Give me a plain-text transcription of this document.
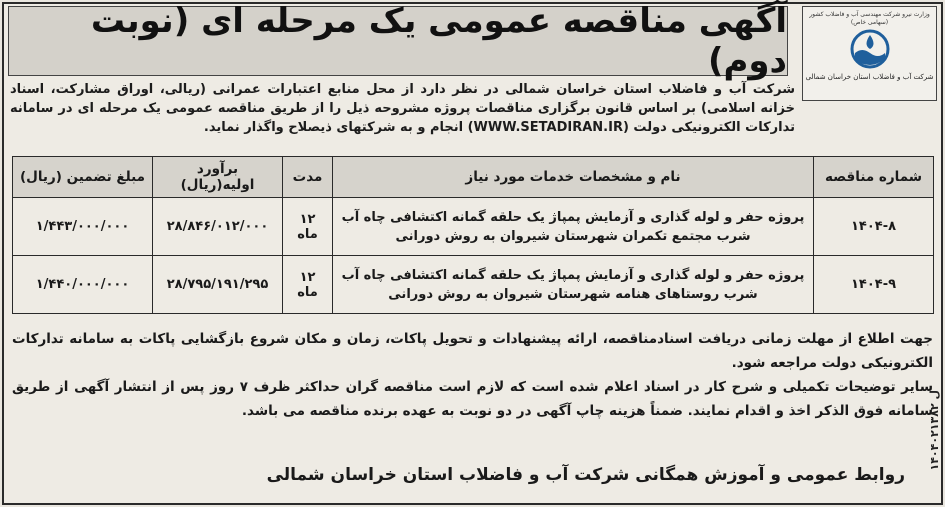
آگهی مناقصه عمومی یک مرحله ای (نوبت دوم)
وزارت نیرو شرکت مهندسی آب و فاضلاب کشور (سهامی خاص)
شرکت آب و فاضلاب استان خراسان شمالی
شرکت آب و فاضلاب استان خراسان شمالی در نظر دارد از محل منابع اعتبارات عمرانی (ریالی، اوراق مشارکت، اسناد خزانه اسلامی) بر اساس قانون برگزاری مناقصات پروژه مشروحه ذیل را از طریق مناقصه عمومی یک مرحله ای در سامانه تدارکات الکترونیکی دولت (WWW.SETADIRAN.IR) انجام و به شرکتهای ذیصلاح واگذار نماید.
شماره مناقصه	نام و مشخصات خدمات مورد نیاز	مدت	برآورد اولیه(ریال)	مبلغ تضمین (ریال)
۱۴۰۴-۸	پروژه حفر و لوله گذاری و آزمایش پمپاژ یک حلقه گمانه اکتشافی چاه آب شرب مجتمع تکمران شهرستان شیروان به روش دورانی	۱۲ ماه	۲۸/۸۴۶/۰۱۲/۰۰۰	۱/۴۴۳/۰۰۰/۰۰۰
۱۴۰۴-۹	پروژه حفر و لوله گذاری و آزمایش پمپاژ یک حلقه گمانه اکتشافی چاه آب شرب روستاهای هنامه شهرستان شیروان به روش دورانی	۱۲ ماه	۲۸/۷۹۵/۱۹۱/۲۹۵	۱/۴۴۰/۰۰۰/۰۰۰
جهت اطلاع از مهلت زمانی دریافت اسنادمناقصه، ارائه پیشنهادات و تحویل پاکات، زمان و مکان شروع بازگشایی پاکات به سامانه تدارکات الکترونیکی دولت مراجعه شود.
سایر توضیحات تکمیلی و شرح کار در اسناد اعلام شده است که لازم است مناقصه گران حداکثر ظرف ۷ روز پس از انتشار آگهی از طریق سامانه فوق الذکر اخذ و اقدام نمایند. ضمناً هزینه چاپ آگهی در دو نوبت به عهده برنده مناقصه می باشد.
روابط عمومی و آموزش همگانی شرکت آب و فاضلاب استان خراسان شمالی
۱۴۰۴۰۲۱۳۸۲ ل
